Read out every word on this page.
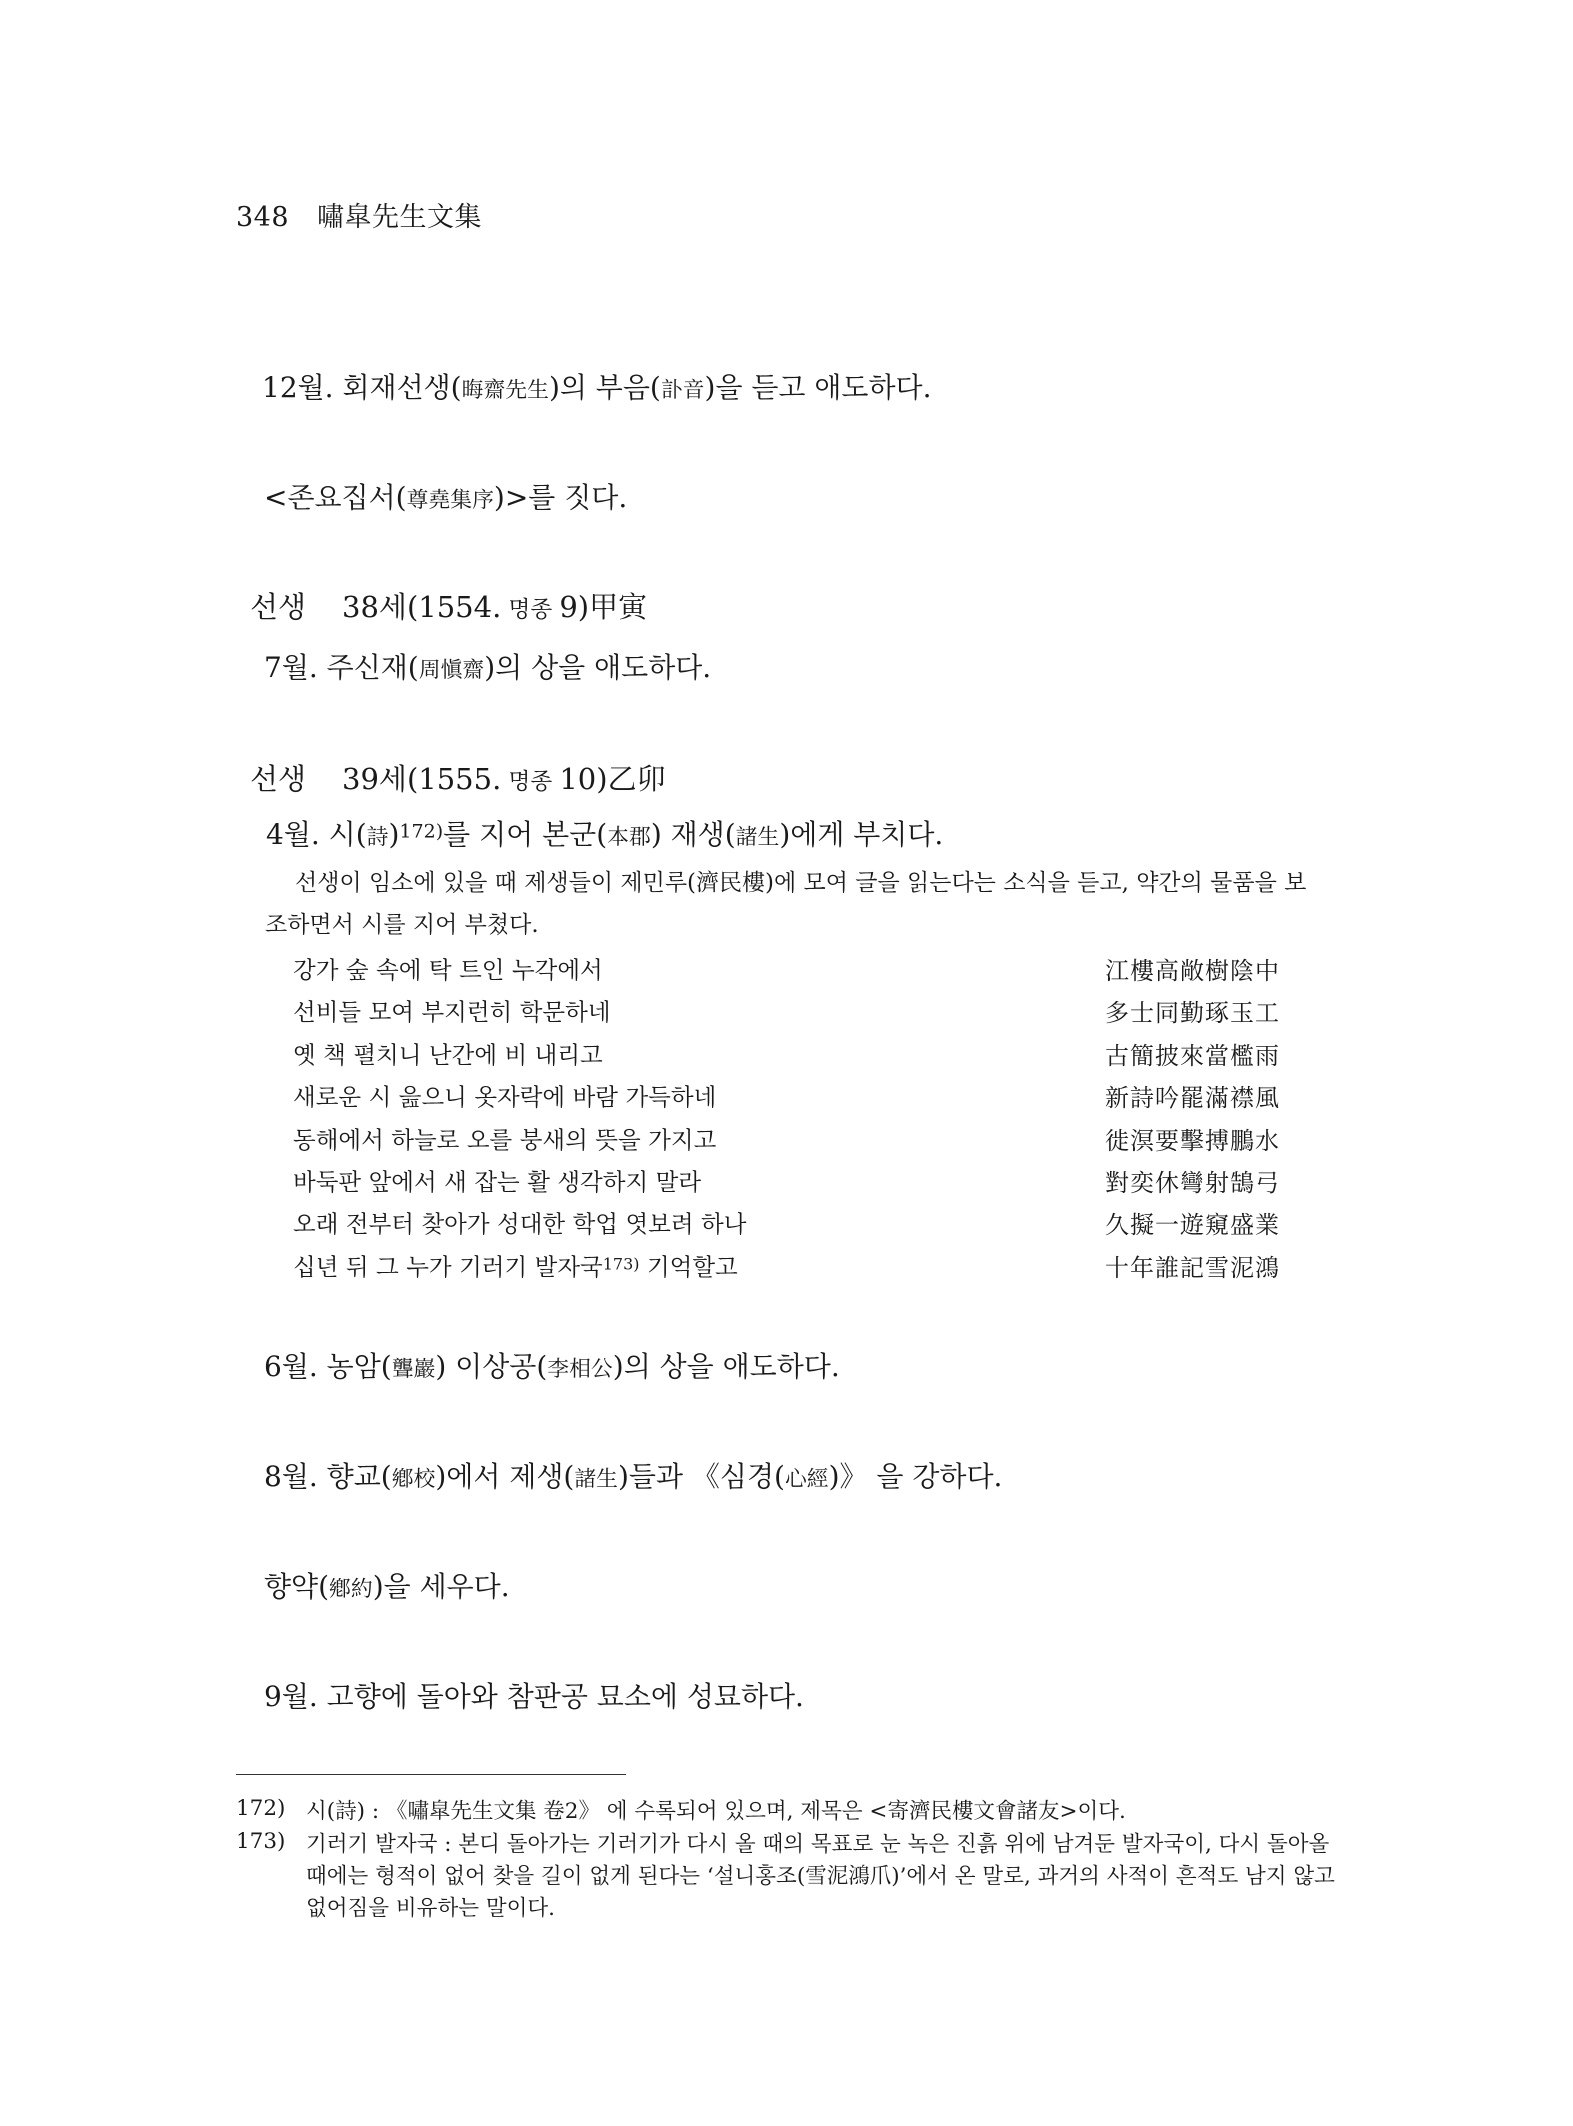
348 嘯皐先生文集
12월. 회재선생(晦齋先生)의 부음(訃音)을 듣고 애도하다.
<존요집서(尊堯集序)>를 짓다.
선생 38세(1554. 명종 9)甲寅
7월. 주신재(周愼齋)의 상을 애도하다.
선생 39세(1555. 명종 10)乙卯
4월. 시(詩)$^{172)}$를 지어 본군(本郡) 재생(諸生)에게 부치다.
선생이 임소에 있을 때 제생들이 제민루(濟民樓)에 모여 글을 읽는다는 소식을 듣고, 약간의 물품을 보조하면서 시를 지어 부쳤다.
강가 숲 속에 탁 트인 누각에서
선비들 모여 부지런히 학문하네
옛 책 펼치니 난간에 비 내리고
새로운 시 읊으니 옷자락에 바람 가득하네
동해에서 하늘로 오를 붕새의 뜻을 가지고
바둑판 앞에서 새 잡는 활 생각하지 말라
오래 전부터 찾아가 성대한 학업 엿보려 하나
십년 뒤 그 누가 기러기 발자국$^{173)}$ 기억할고
江樓高敞樹陰中
多士同勤琢玉工
古簡披來當檻雨
新詩吟罷滿襟風
徙溟要擊搏鵬水
對奕休彎射鵠弓
久擬一遊窺盛業
十年誰記雪泥鴻
6월. 농암(聾巖) 이상공(李相公)의 상을 애도하다.
8월. 향교(鄕校)에서 제생(諸生)들과 《심경(心經)》 을 강하다.
향약(鄕約)을 세우다.
9월. 고향에 돌아와 참판공 묘소에 성묘하다.
172) 시(詩) : 《嘯皐先生文集 卷2》 에 수록되어 있으며, 제목은 <寄濟民樓文會諸友>이다.
173) 기러기 발자국 : 본디 돌아가는 기러기가 다시 올 때의 목표로 눈 녹은 진흙 위에 남겨둔 발자국이, 다시 돌아올 때에는 형적이 없어 찾을 길이 없게 된다는 ‘설니홍조(雪泥鴻爪)’에서 온 말로, 과거의 사적이 흔적도 남지 않고 없어짐을 비유하는 말이다.
